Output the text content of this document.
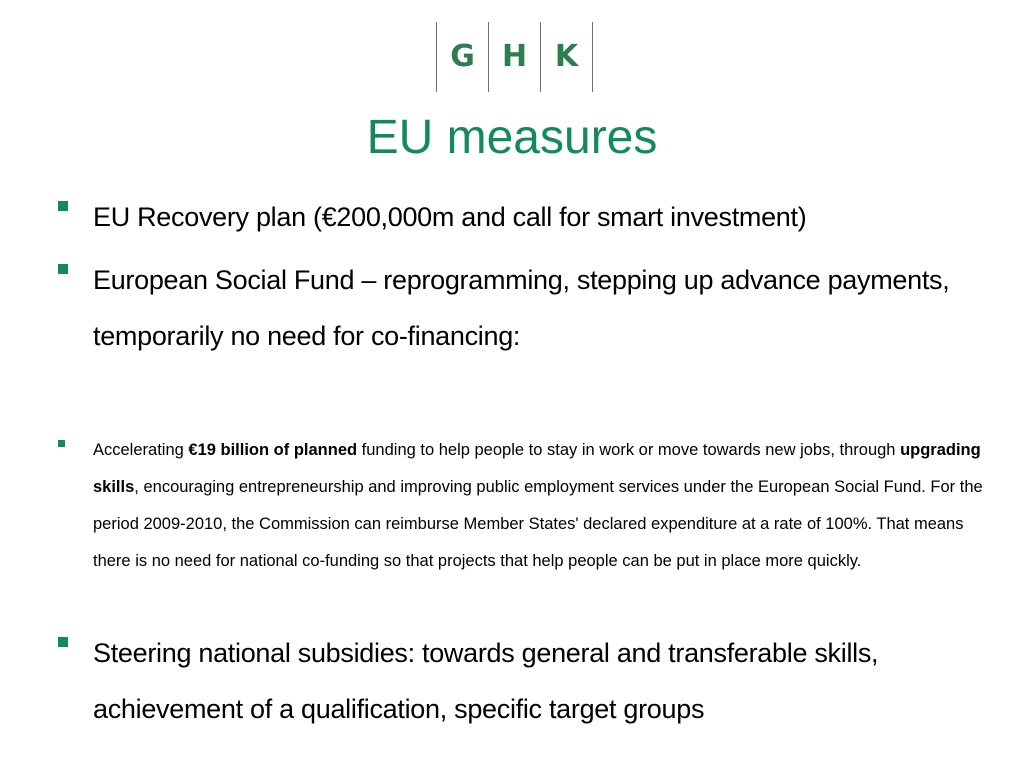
G H K
EU measures
EU Recovery plan (€200,000m and call for smart investment)
European Social Fund – reprogramming, stepping up advance payments, temporarily no need for co-financing:
Accelerating €19 billion of planned funding to help people to stay in work or move towards new jobs, through upgrading skills, encouraging entrepreneurship and improving public employment services under the European Social Fund. For the period 2009-2010, the Commission can reimburse Member States' declared expenditure at a rate of 100%. That means there is no need for national co-funding so that projects that help people can be put in place more quickly.
Steering national subsidies: towards general and transferable skills, achievement of a qualification, specific target groups
